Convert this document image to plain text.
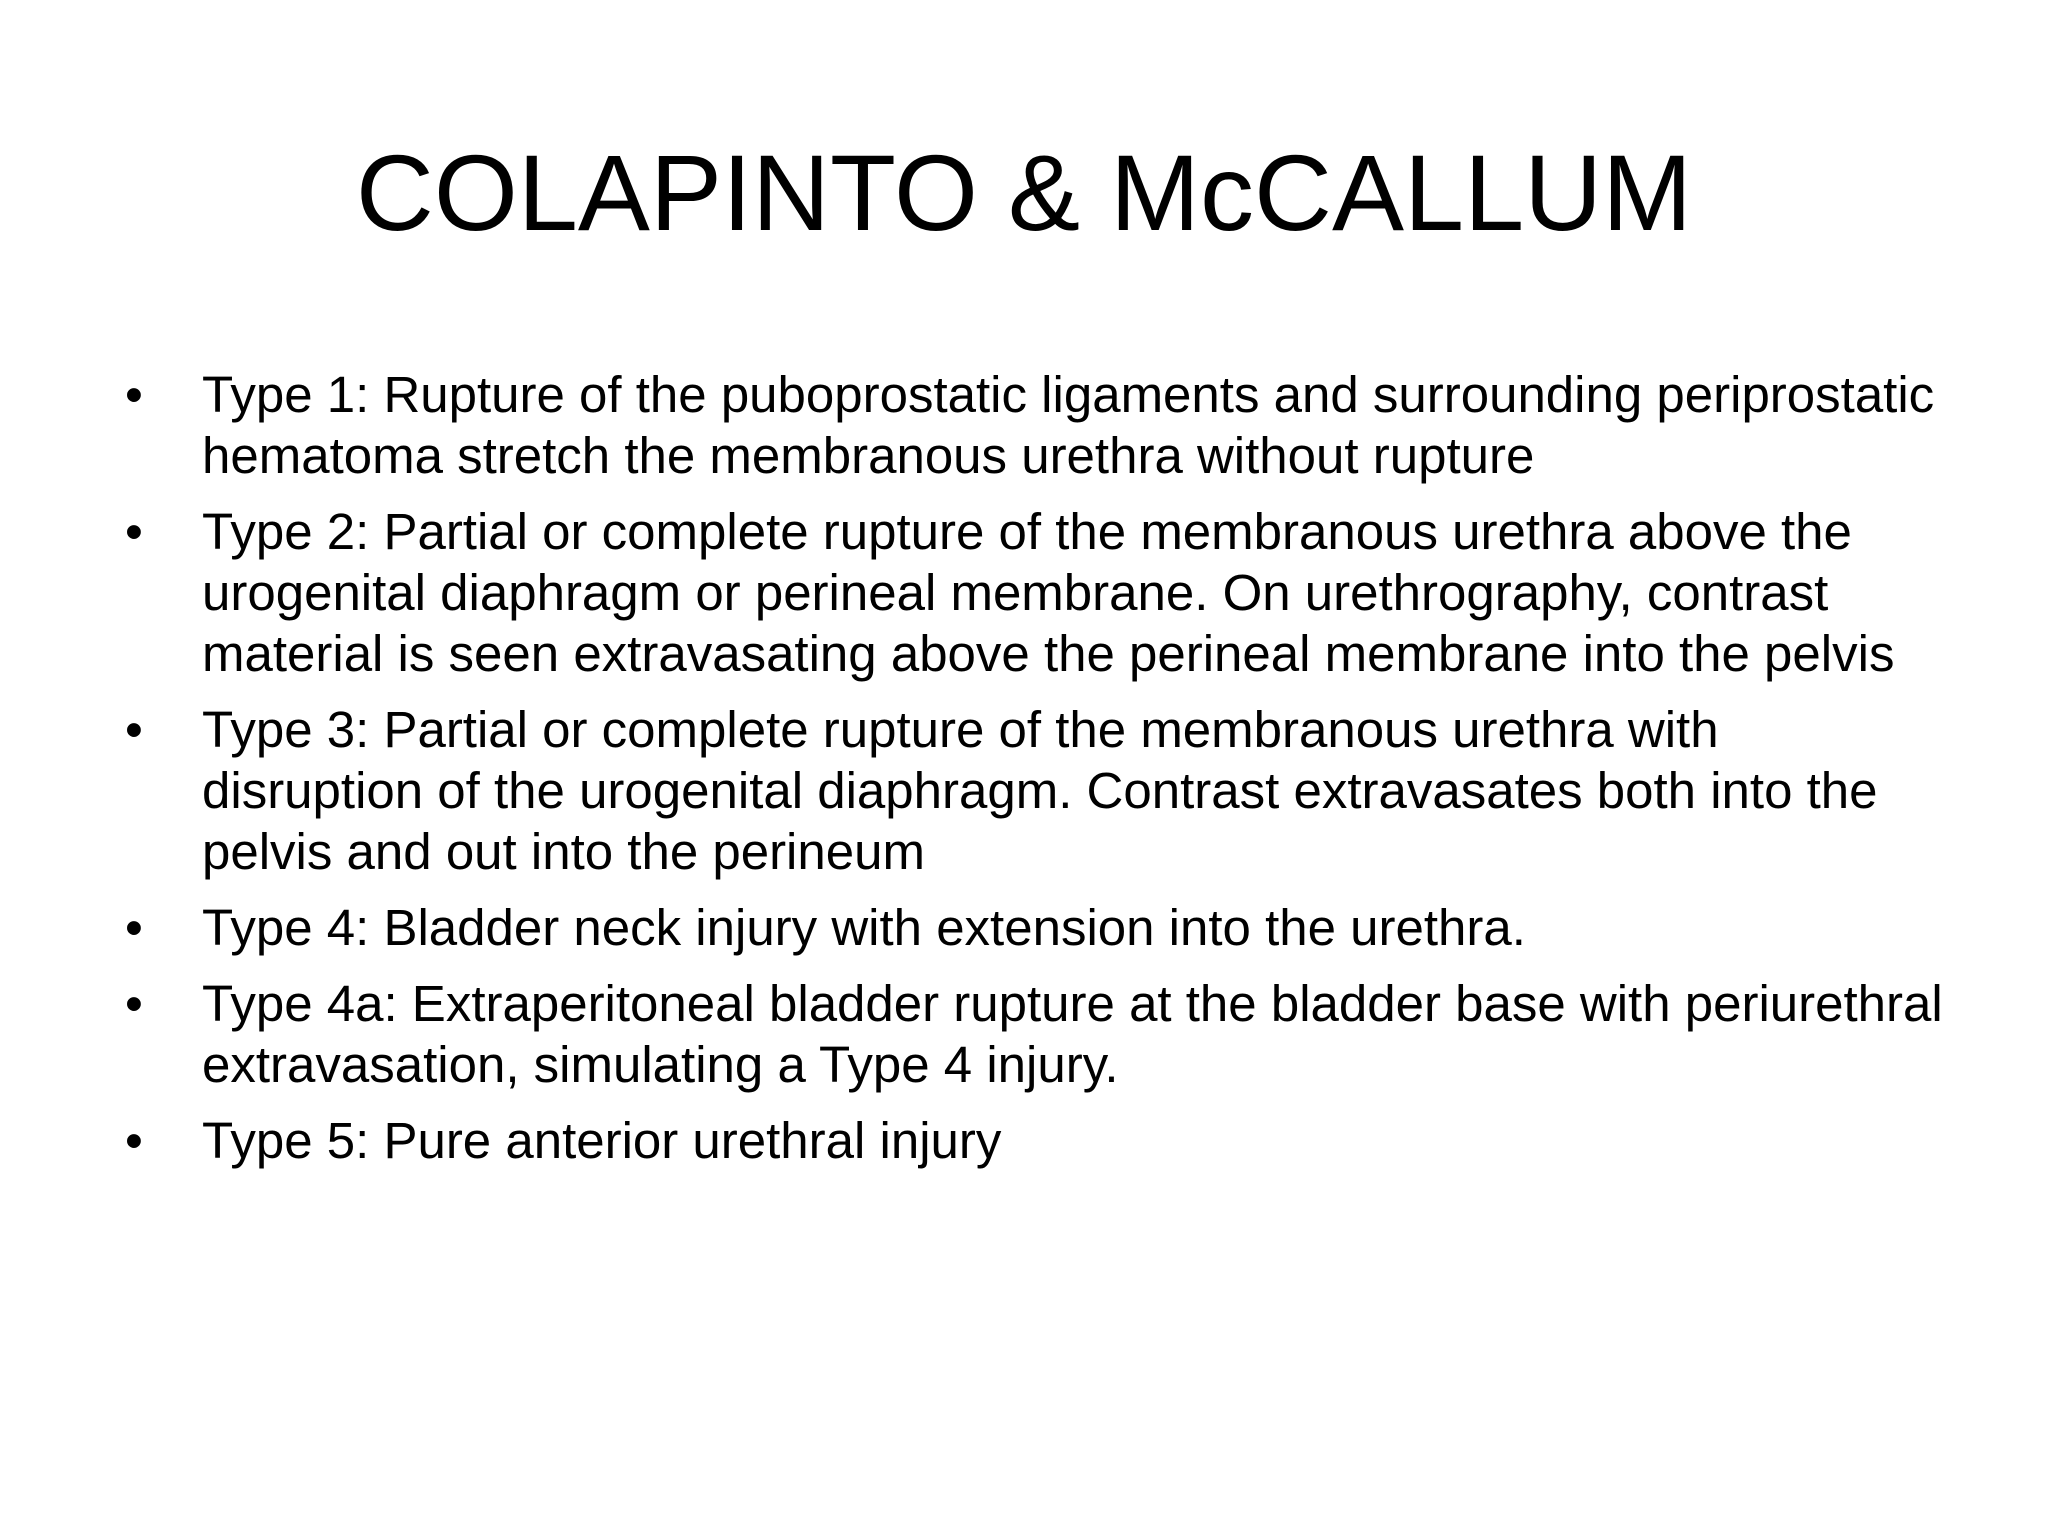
COLAPINTO & McCALLUM
•	Type 1: Rupture of the puboprostatic ligaments and surrounding periprostatic hematoma stretch the membranous urethra without rupture
•	Type 2: Partial or complete rupture of the membranous urethra above the urogenital diaphragm or perineal membrane. On urethrography, contrast material is seen extravasating above the perineal membrane into the pelvis
•	Type 3: Partial or complete rupture of the membranous urethra with disruption of the urogenital diaphragm. Contrast extravasates both into the pelvis and out into the perineum
•	Type 4: Bladder neck injury with extension into the urethra.
•	Type 4a: Extraperitoneal bladder rupture at the bladder base with periurethral extravasation, simulating a Type 4 injury.
•	Type 5: Pure anterior urethral injury
